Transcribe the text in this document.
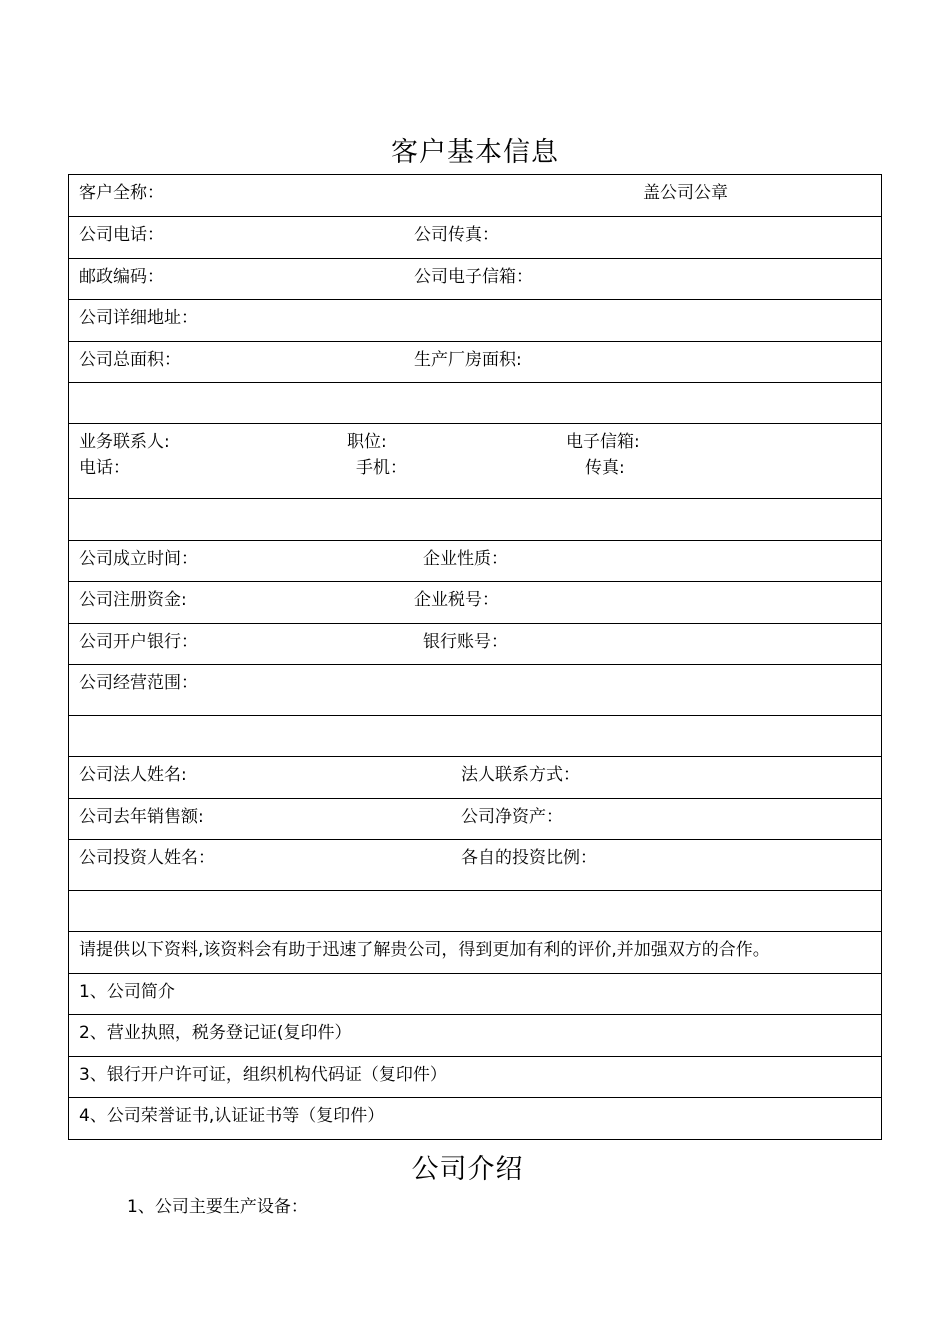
客户基本信息
客户全称：	盖公司公章
公司电话：	公司传真：
邮政编码：	公司电子信箱：
公司详细地址：
公司总面积：	生产厂房面积:
业务联系人:	职位:	电子信箱:
电话：	手机：	传真:
公司成立时间：	企业性质：
公司注册资金:	企业税号：
公司开户银行：	银行账号：
公司经营范围：
公司法人姓名:	法人联系方式：
公司去年销售额:	公司净资产：
公司投资人姓名：	各自的投资比例：
请提供以下资料,该资料会有助于迅速了解贵公司，得到更加有利的评价,并加强双方的合作。
1、公司简介
2、营业执照，税务登记证(复印件）
3、银行开户许可证，组织机构代码证（复印件）
4、公司荣誉证书,认证证书等（复印件）
公司介绍
1、公司主要生产设备：
